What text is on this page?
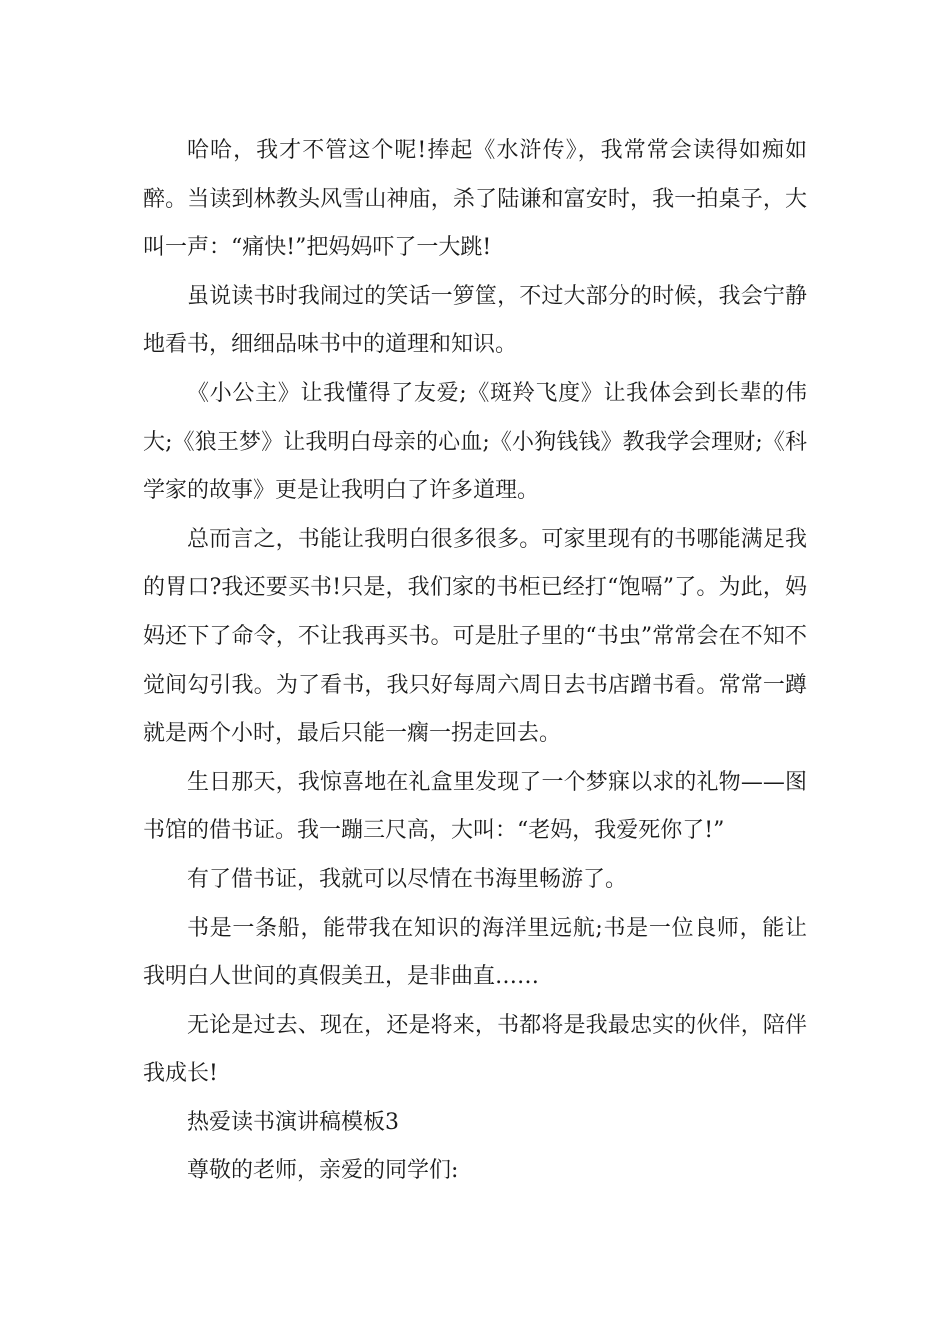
哈哈，我才不管这个呢!捧起《水浒传》，我常常会读得如痴如醉。当读到林教头风雪山神庙，杀了陆谦和富安时，我一拍桌子，大叫一声：“痛快!”把妈妈吓了一大跳!

虽说读书时我闹过的笑话一箩筐，不过大部分的时候，我会宁静地看书，细细品味书中的道理和知识。

《小公主》让我懂得了友爱;《斑羚飞度》让我体会到长辈的伟大;《狼王梦》让我明白母亲的心血;《小狗钱钱》教我学会理财;《科学家的故事》更是让我明白了许多道理。

总而言之，书能让我明白很多很多。可家里现有的书哪能满足我的胃口?我还要买书!只是，我们家的书柜已经打“饱嗝”了。为此，妈妈还下了命令，不让我再买书。可是肚子里的“书虫”常常会在不知不觉间勾引我。为了看书，我只好每周六周日去书店蹭书看。常常一蹲就是两个小时，最后只能一瘸一拐走回去。

生日那天，我惊喜地在礼盒里发现了一个梦寐以求的礼物——图书馆的借书证。我一蹦三尺高，大叫：“老妈，我爱死你了!”

有了借书证，我就可以尽情在书海里畅游了。

书是一条船，能带我在知识的海洋里远航;书是一位良师，能让我明白人世间的真假美丑，是非曲直……

无论是过去、现在，还是将来，书都将是我最忠实的伙伴，陪伴我成长!

热爱读书演讲稿模板3

尊敬的老师，亲爱的同学们:
